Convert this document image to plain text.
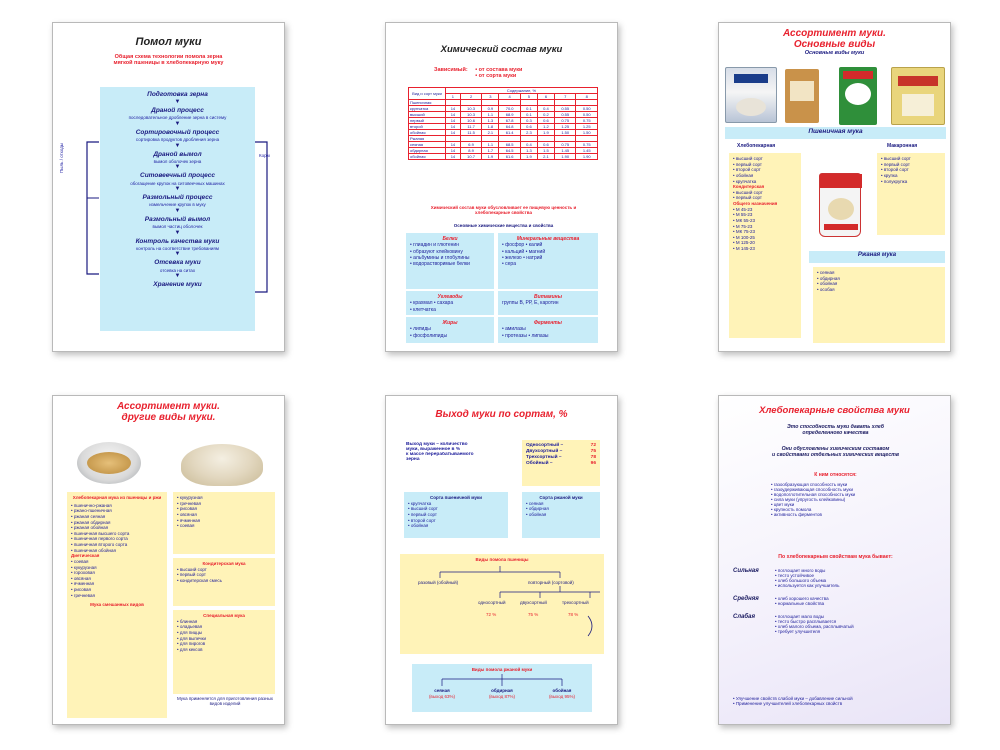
Помол муки
Общая схема технологии помола зерна
мягкой пшеницы в хлебопекарную муку
Подготовка зерна
▼
Драной процесс
последовательное дробление зерна в систему
▼
Сортировочный процесс
сортировка продуктов дробления зерна
▼
Драной вымол
вымол оболочек зерна
▼
Ситовеечный процесс
обогащение крупок на ситовеечных машинах
▼
Размольный процесс
измельчение крупок в муку
▼
Размольный вымол
вымол частиц оболочек
▼
Контроль качества муки
контроль на соответствие требованиям
▼
Отсевка муки
отсевка на ситах
▼
Хранение муки
Пыль / отходы	Корм
Химический состав муки
Зависимый: • от состава муки
• от сорта муки
Вид и сорт муки	Содержание, %							
	1	2	3	4	5	6	7	8
Пшеничная								
крупчатка	14	10.3	0.9	70.0	0.1	0.4	0.55	0.50
высший	14	10.3	1.1	68.9	0.1	0.2	0.55	0.50
первый	14	10.6	1.3	67.8	0.3	0.6	0.75	0.75
второй	14	11.7	1.8	64.8	0.6	1.2	1.25	1.25
обойная	14	11.5	2.1	61.4	2.3	1.9	1.50	1.50
Ржаная								
сеяная	14	6.9	1.1	68.5	0.4	0.6	0.75	0.75
обдирная	14	8.9	1.7	64.5	1.3	1.5	1.45	1.45
обойная	14	10.7	1.9	61.6	1.9	2.1	1.90	1.90
Химический состав муки обусловливает ее пищевую ценность и хлебопекарные свойства
Основные химические вещества и свойства
Белки
• глиадин и глютенин
• образуют клейковину
• альбумины и глобулины
• водорастворимые белки
Минеральные вещества
• фосфор • калий
• кальций • магний
• железо • натрий
• сера
Углеводы
• крахмал • сахара
• клетчатка
Витамины
группы В, РР, Е, каротин
Жиры
• липиды
• фосфолипиды
Ферменты
• амилазы
• протеазы • липазы
Ассортимент муки.
Основные виды
Основные виды муки
Пшеничная мука
Хлебопекарная	Макаронная
• высший сорт
• первый сорт
• второй сорт
• обойная
• крупчатка
Кондитерская
• высший сорт
• первый сорт
Общего назначения
• М 45-23
• М 55-23
• МК 55-23
• М 75-23
• МК 75-23
• М 100-25
• М 125-20
• М 145-23
• высший сорт
• первый сорт
• второй сорт
• крупка
• полукрупка
Ржаная мука
• сеяная
• обдирная
• обойная
• особая
Ассортимент муки.
другие виды муки.
Хлебопекарная мука из пшеницы и ржи
• пшенично-ржаная
• ржано-пшеничная
• ржаная сеяная
• ржаная обдирная
• ржаная обойная
• пшеничная высшего сорта
• пшеничная первого сорта
• пшеничная второго сорта
• пшеничная обойная
Диетическая
• соевая
• кукурузная
• гороховая
• овсяная
• ячменная
• рисовая
• гречневая
Мука смешанных видов
• кукурузная
• гречневая
• рисовая
• овсяная
• ячменная
• соевая
Кондитерская мука
• высший сорт
• первый сорт
• кондитерская смесь
Специальная мука
• блинная
• оладьевая
• для пиццы
• для выпечки
• для пирогов
• для кексов
Мука применяется для приготовления разных видов изделий
Выход муки по сортам, %
Выход муки – количество
муки, выраженное в %
к массе перерабатываемого
зерна
Односортный –	72
Двухсортный –	75
Трехсортный –	78
Обойный –	96
Сорта пшеничной муки
• крупчатка
• высший сорт
• первый сорт
• второй сорт
• обойная
Сорта ржаной муки
• сеяная
• обдирная
• обойная
Виды помола пшеницы
разовый (обойный)	повторный (сортовой)
односортный	двухсортный	трехсортный
72 %	75 %	78 %
Виды помола ржаной муки
сеяная
(выход 63%)
обдирная
(выход 87%)
обойная
(выход 95%)
Хлебопекарные свойства муки
Это способность муки давать хлеб
определенного качества
Они обусловлены химическим составом
и свойствами отдельных химических веществ
К ним относятся:
• газообразующая способность муки
• газоудерживающая способность муки
• водопоглотительная способность муки
• сила муки (упругость клейковины)
• цвет муки
• крупность помола
• активность ферментов
По хлебопекарным свойствам мука бывает:
Сильная	• поглощает много воды
• тесто устойчивое
• хлеб большого объема
• используется как улучшитель
Средняя	• хлеб хорошего качества
• нормальные свойства
Слабая	• поглощает мало воды
• тесто быстро расплывается
• хлеб малого объема, расплывчатый
• требует улучшителя
• Улучшение свойств слабой муки – добавление сильной
• Применение улучшителей хлебопекарных свойств
